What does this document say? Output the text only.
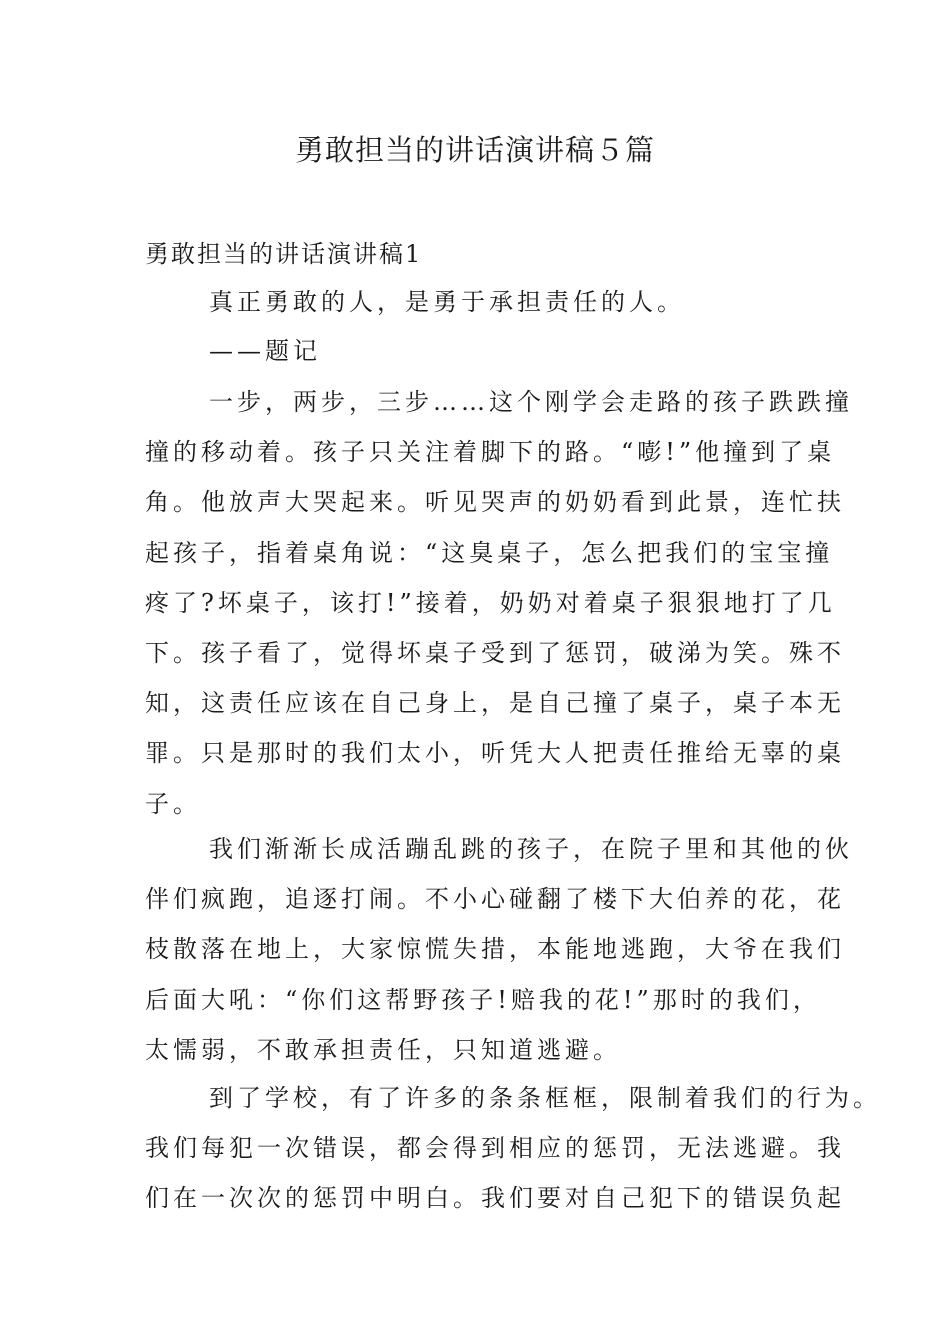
勇敢担当的讲话演讲稿５篇

勇敢担当的讲话演讲稿1

真正勇敢的人，是勇于承担责任的人。

——题记

一步，两步，三步……这个刚学会走路的孩子跌跌撞
撞的移动着。孩子只关注着脚下的路。“嘭!”他撞到了桌
角。他放声大哭起来。听见哭声的奶奶看到此景，连忙扶
起孩子，指着桌角说：“这臭桌子，怎么把我们的宝宝撞
疼了?坏桌子，该打!”接着，奶奶对着桌子狠狠地打了几
下。孩子看了，觉得坏桌子受到了惩罚，破涕为笑。殊不
知，这责任应该在自己身上，是自己撞了桌子，桌子本无
罪。只是那时的我们太小，听凭大人把责任推给无辜的桌
子。
我们渐渐长成活蹦乱跳的孩子，在院子里和其他的伙
伴们疯跑，追逐打闹。不小心碰翻了楼下大伯养的花，花
枝散落在地上，大家惊慌失措，本能地逃跑，大爷在我们
后面大吼：“你们这帮野孩子!赔我的花!”那时的我们，
太懦弱，不敢承担责任，只知道逃避。
到了学校，有了许多的条条框框，限制着我们的行为。
我们每犯一次错误，都会得到相应的惩罚，无法逃避。我
们在一次次的惩罚中明白。我们要对自己犯下的错误负起
